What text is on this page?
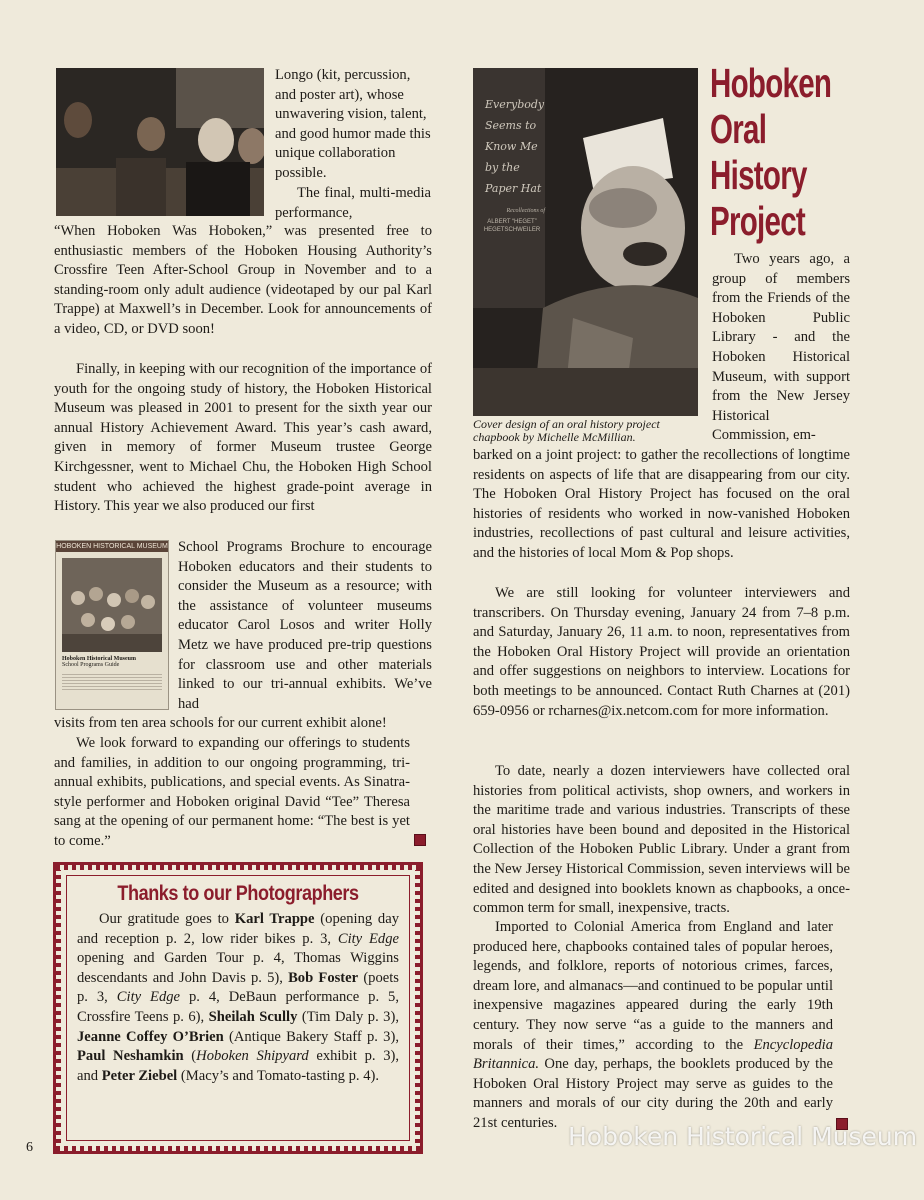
Longo (kit, percussion, and poster art), whose unwavering vision, talent, and good humor made this unique collaboration possible.

The final, multi-media performance,

“When Hoboken Was Hoboken,” was presented free to enthusiastic members of the Hoboken Housing Authority’s Crossfire Teen After-School Group in November and to a standing-room only adult audience (videotaped by our pal Karl Trappe) at Maxwell’s in December. Look for announcements of a video, CD, or DVD soon!

Finally, in keeping with our recognition of the importance of youth for the ongoing study of history, the Hoboken Historical Museum was pleased in 2001 to present for the sixth year our annual History Achievement Award. This year’s cash award, given in memory of former Museum trustee George Kirchgessner, went to Michael Chu, the Hoboken High School student who achieved the highest grade-point average in History. This year we also produced our first

HOBOKEN HISTORICAL MUSEUM
Hoboken Historical Museum
School Programs Guide

School Programs Brochure to encourage Hoboken educators and their students to consider the Museum as a resource; with the assistance of volunteer museums educator Carol Losos and writer Holly Metz we have produced pre-trip questions for classroom use and other materials linked to our tri-annual exhibits. We’ve had

visits from ten area schools for our current exhibit alone!

We look forward to expanding our offerings to students and families, in addition to our ongoing programming, tri-annual exhibits, publications, and special events. As Sinatra-style performer and Hoboken original David “Tee” Theresa sang at the opening of our permanent home: “The best is yet to come.”

Thanks to our Photographers

Our gratitude goes to Karl Trappe (opening day and reception p. 2, low rider bikes p. 3, City Edge opening and Garden Tour p. 4, Thomas Wiggins descendants and John Davis p. 5), Bob Foster (poets p. 3, City Edge p. 4, DeBaun performance p. 5, Crossfire Teens p. 6), Sheilah Scully (Tim Daly p. 3), Jeanne Coffey O’Brien (Antique Bakery Staff p. 3), Paul Neshamkin (Hoboken Shipyard exhibit p. 3), and Peter Ziebel (Macy’s and Tomato-tasting p. 4).

Everybody
Seems to
Know Me
by the
Paper Hat
Recollections of
ALBERT “HEGET” HEGETSCHWEILER
Cover design of an oral history project chapbook by Michelle McMillian.
Hoboken
Oral
History
Project

Two years ago, a group of members from the Friends of the Hoboken Public Library - and the Hoboken Historical Museum, with support from the New Jersey Historical Commission, em-

barked on a joint project: to gather the recollections of longtime residents on aspects of life that are disappearing from our city. The Hoboken Oral History Project has focused on the oral histories of residents who worked in now-vanished Hoboken industries, recollections of past cultural and leisure activities, and the histories of local Mom & Pop shops.

We are still looking for volunteer interviewers and transcribers. On Thursday evening, January 24 from 7–8 p.m. and Saturday, January 26, 11 a.m. to noon, representatives from the Hoboken Oral History Project will provide an orientation and offer suggestions on neighbors to interview. Locations for both meetings to be announced. Contact Ruth Charnes at (201) 659-0956 or rcharnes@ix.netcom.com for more information.

To date, nearly a dozen interviewers have collected oral histories from political activists, shop owners, and workers in the maritime trade and various industries. Transcripts of these oral histories have been bound and deposited in the Historical Collection of the Hoboken Public Library. Under a grant from the New Jersey Historical Commission, seven interviews will be edited and designed into booklets known as chapbooks, a once-common term for small, inexpensive, tracts.

Imported to Colonial America from England and later produced here, chapbooks contained tales of popular heroes, legends, and folklore, reports of notorious crimes, farces, dream lore, and almanacs—and continued to be popular until inexpensive magazines appeared during the early 19th century. They now serve “as a guide to the manners and morals of their times,” according to the Encyclopedia Britannica. One day, perhaps, the booklets produced by the Hoboken Oral History Project may serve as guides to the manners and morals of our city during the 20th and early 21st centuries.

6	Hoboken Historical Museum
